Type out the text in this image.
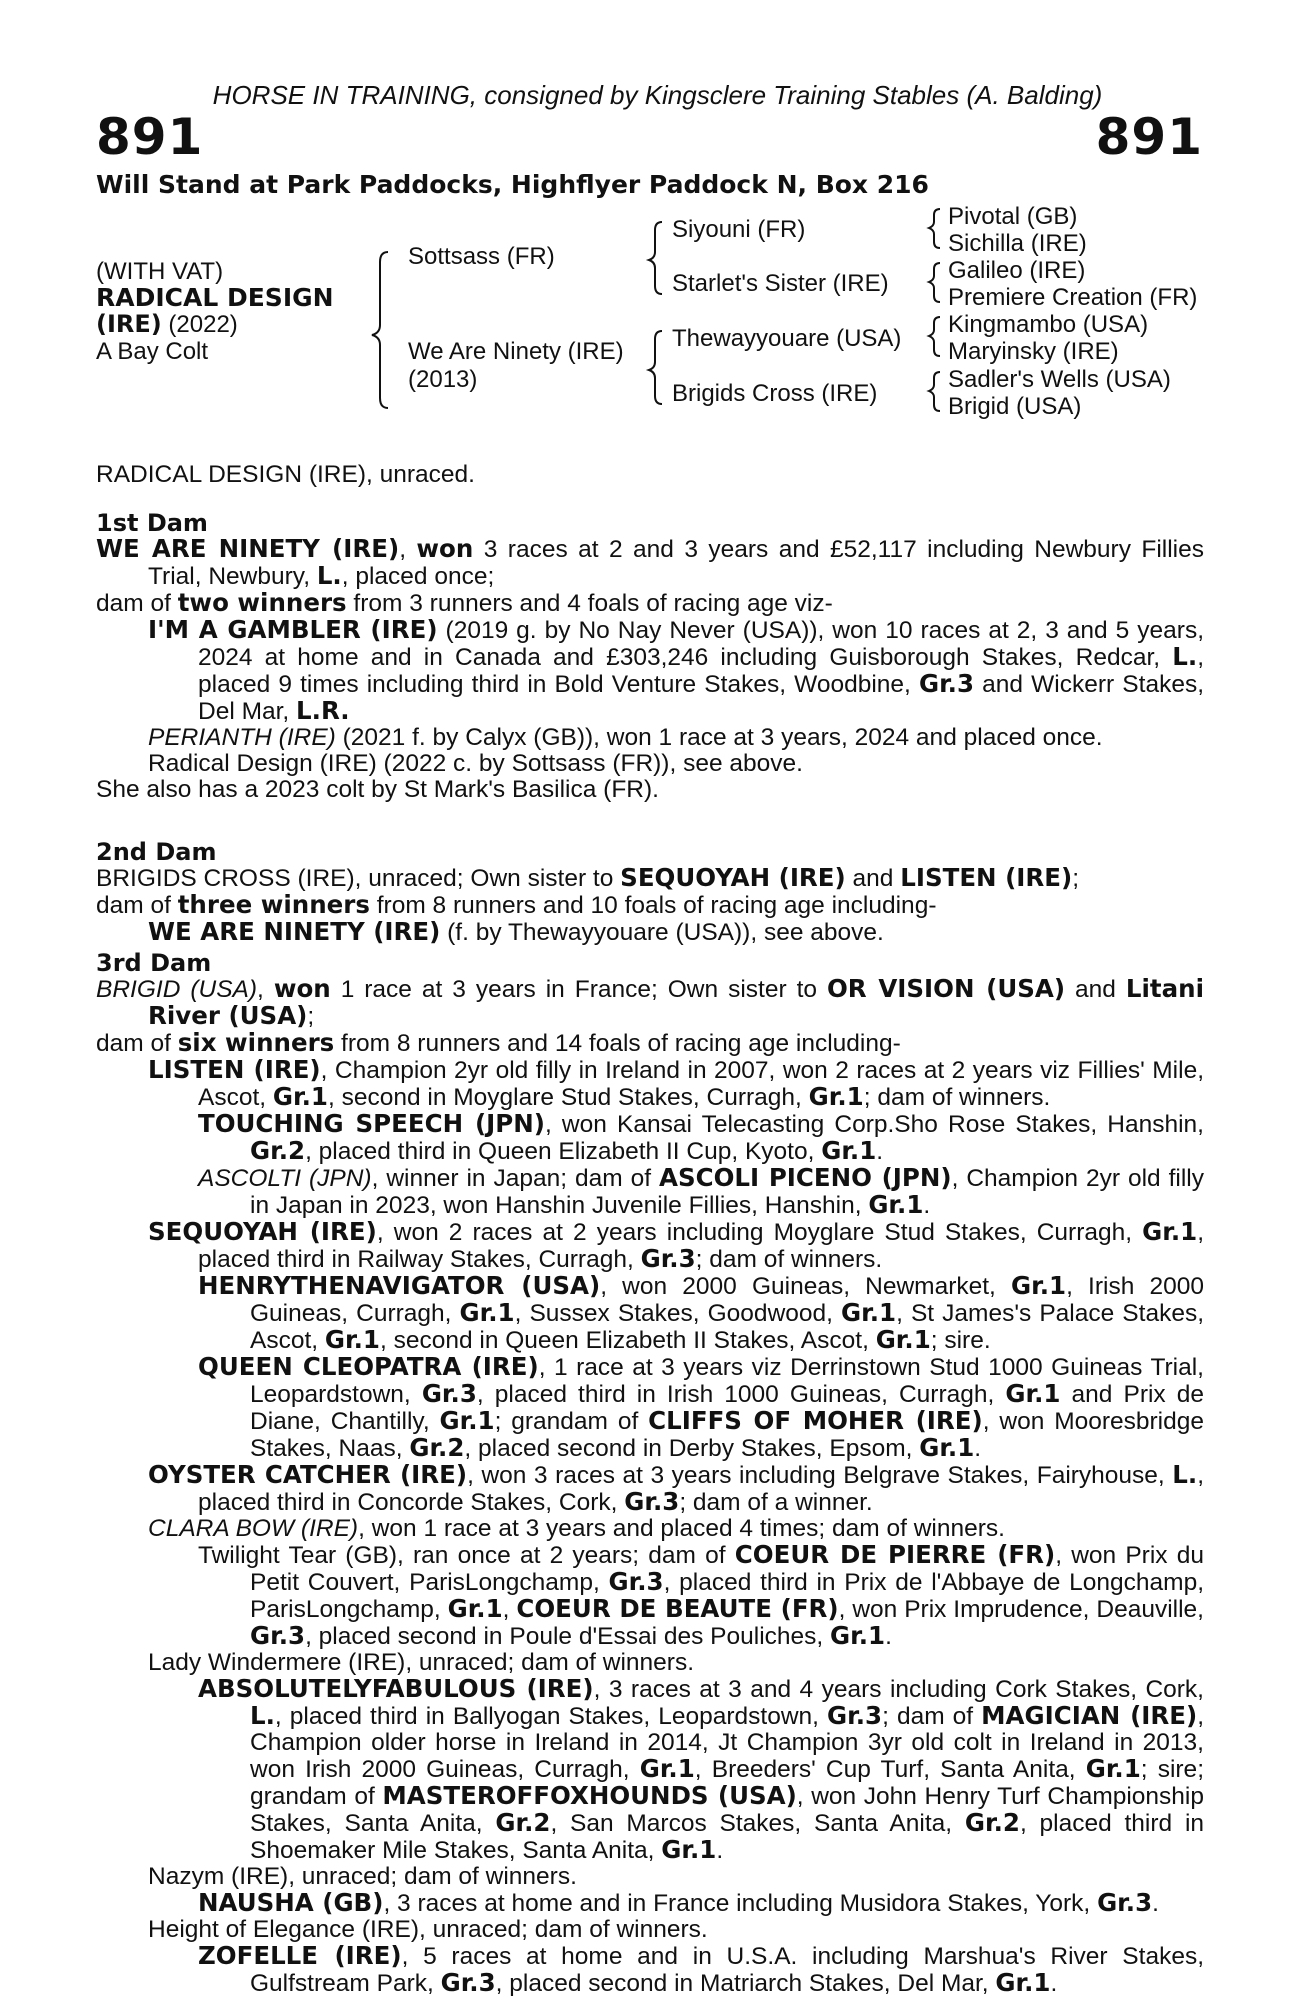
HORSE IN TRAINING, consigned by Kingsclere Training Stables (A. Balding)
891	891
Will Stand at Park Paddocks, Highflyer Paddock N, Box 216
(WITH VAT)
RADICAL DESIGN
(IRE) (2022)
A Bay Colt
Sottsass (FR)
We Are Ninety (IRE)
(2013)
Siyouni (FR)
Starlet's Sister (IRE)
Thewayyouare (USA)
Brigids Cross (IRE)
Pivotal (GB)
Sichilla (IRE)
Galileo (IRE)
Premiere Creation (FR)
Kingmambo (USA)
Maryinsky (IRE)
Sadler's Wells (USA)
Brigid (USA)

RADICAL DESIGN (IRE), unraced.

1st Dam

WE ARE NINETY (IRE), won 3 races at 2 and 3 years and £52,117 including Newbury Fillies Trial, Newbury, L., placed once;

dam of two winners from 3 runners and 4 foals of racing age viz-

I'M A GAMBLER (IRE) (2019 g. by No Nay Never (USA)), won 10 races at 2, 3 and 5 years, 2024 at home and in Canada and £303,246 including Guisborough Stakes, Redcar, L., placed 9 times including third in Bold Venture Stakes, Woodbine, Gr.3 and Wickerr Stakes, Del Mar, L.R.

PERIANTH (IRE) (2021 f. by Calyx (GB)), won 1 race at 3 years, 2024 and placed once.

Radical Design (IRE) (2022 c. by Sottsass (FR)), see above.

She also has a 2023 colt by St Mark's Basilica (FR).

2nd Dam

BRIGIDS CROSS (IRE), unraced; Own sister to SEQUOYAH (IRE) and LISTEN (IRE);

dam of three winners from 8 runners and 10 foals of racing age including-

WE ARE NINETY (IRE) (f. by Thewayyouare (USA)), see above.

3rd Dam

BRIGID (USA), won 1 race at 3 years in France; Own sister to OR VISION (USA) and Litani River (USA);

dam of six winners from 8 runners and 14 foals of racing age including-

LISTEN (IRE), Champion 2yr old filly in Ireland in 2007, won 2 races at 2 years viz Fillies' Mile, Ascot, Gr.1, second in Moyglare Stud Stakes, Curragh, Gr.1; dam of winners.

TOUCHING SPEECH (JPN), won Kansai Telecasting Corp.Sho Rose Stakes, Hanshin, Gr.2, placed third in Queen Elizabeth II Cup, Kyoto, Gr.1.

ASCOLTI (JPN), winner in Japan; dam of ASCOLI PICENO (JPN), Champion 2yr old filly in Japan in 2023, won Hanshin Juvenile Fillies, Hanshin, Gr.1.

SEQUOYAH (IRE), won 2 races at 2 years including Moyglare Stud Stakes, Curragh, Gr.1, placed third in Railway Stakes, Curragh, Gr.3; dam of winners.

HENRYTHENAVIGATOR (USA), won 2000 Guineas, Newmarket, Gr.1, Irish 2000 Guineas, Curragh, Gr.1, Sussex Stakes, Goodwood, Gr.1, St James's Palace Stakes, Ascot, Gr.1, second in Queen Elizabeth II Stakes, Ascot, Gr.1; sire.

QUEEN CLEOPATRA (IRE), 1 race at 3 years viz Derrinstown Stud 1000 Guineas Trial, Leopardstown, Gr.3, placed third in Irish 1000 Guineas, Curragh, Gr.1 and Prix de Diane, Chantilly, Gr.1; grandam of CLIFFS OF MOHER (IRE), won Mooresbridge Stakes, Naas, Gr.2, placed second in Derby Stakes, Epsom, Gr.1.

OYSTER CATCHER (IRE), won 3 races at 3 years including Belgrave Stakes, Fairyhouse, L., placed third in Concorde Stakes, Cork, Gr.3; dam of a winner.

CLARA BOW (IRE), won 1 race at 3 years and placed 4 times; dam of winners.

Twilight Tear (GB), ran once at 2 years; dam of COEUR DE PIERRE (FR), won Prix du Petit Couvert, ParisLongchamp, Gr.3, placed third in Prix de l'Abbaye de Longchamp, ParisLongchamp, Gr.1, COEUR DE BEAUTE (FR), won Prix Imprudence, Deauville, Gr.3, placed second in Poule d'Essai des Pouliches, Gr.1.

Lady Windermere (IRE), unraced; dam of winners.

ABSOLUTELYFABULOUS (IRE), 3 races at 3 and 4 years including Cork Stakes, Cork, L., placed third in Ballyogan Stakes, Leopardstown, Gr.3; dam of MAGICIAN (IRE), Champion older horse in Ireland in 2014, Jt Champion 3yr old colt in Ireland in 2013, won Irish 2000 Guineas, Curragh, Gr.1, Breeders' Cup Turf, Santa Anita, Gr.1; sire; grandam of MASTEROFFOXHOUNDS (USA), won John Henry Turf Championship Stakes, Santa Anita, Gr.2, San Marcos Stakes, Santa Anita, Gr.2, placed third in Shoemaker Mile Stakes, Santa Anita, Gr.1.

Nazym (IRE), unraced; dam of winners.

NAUSHA (GB), 3 races at home and in France including Musidora Stakes, York, Gr.3.

Height of Elegance (IRE), unraced; dam of winners.

ZOFELLE (IRE), 5 races at home and in U.S.A. including Marshua's River Stakes, Gulfstream Park, Gr.3, placed second in Matriarch Stakes, Del Mar, Gr.1.
